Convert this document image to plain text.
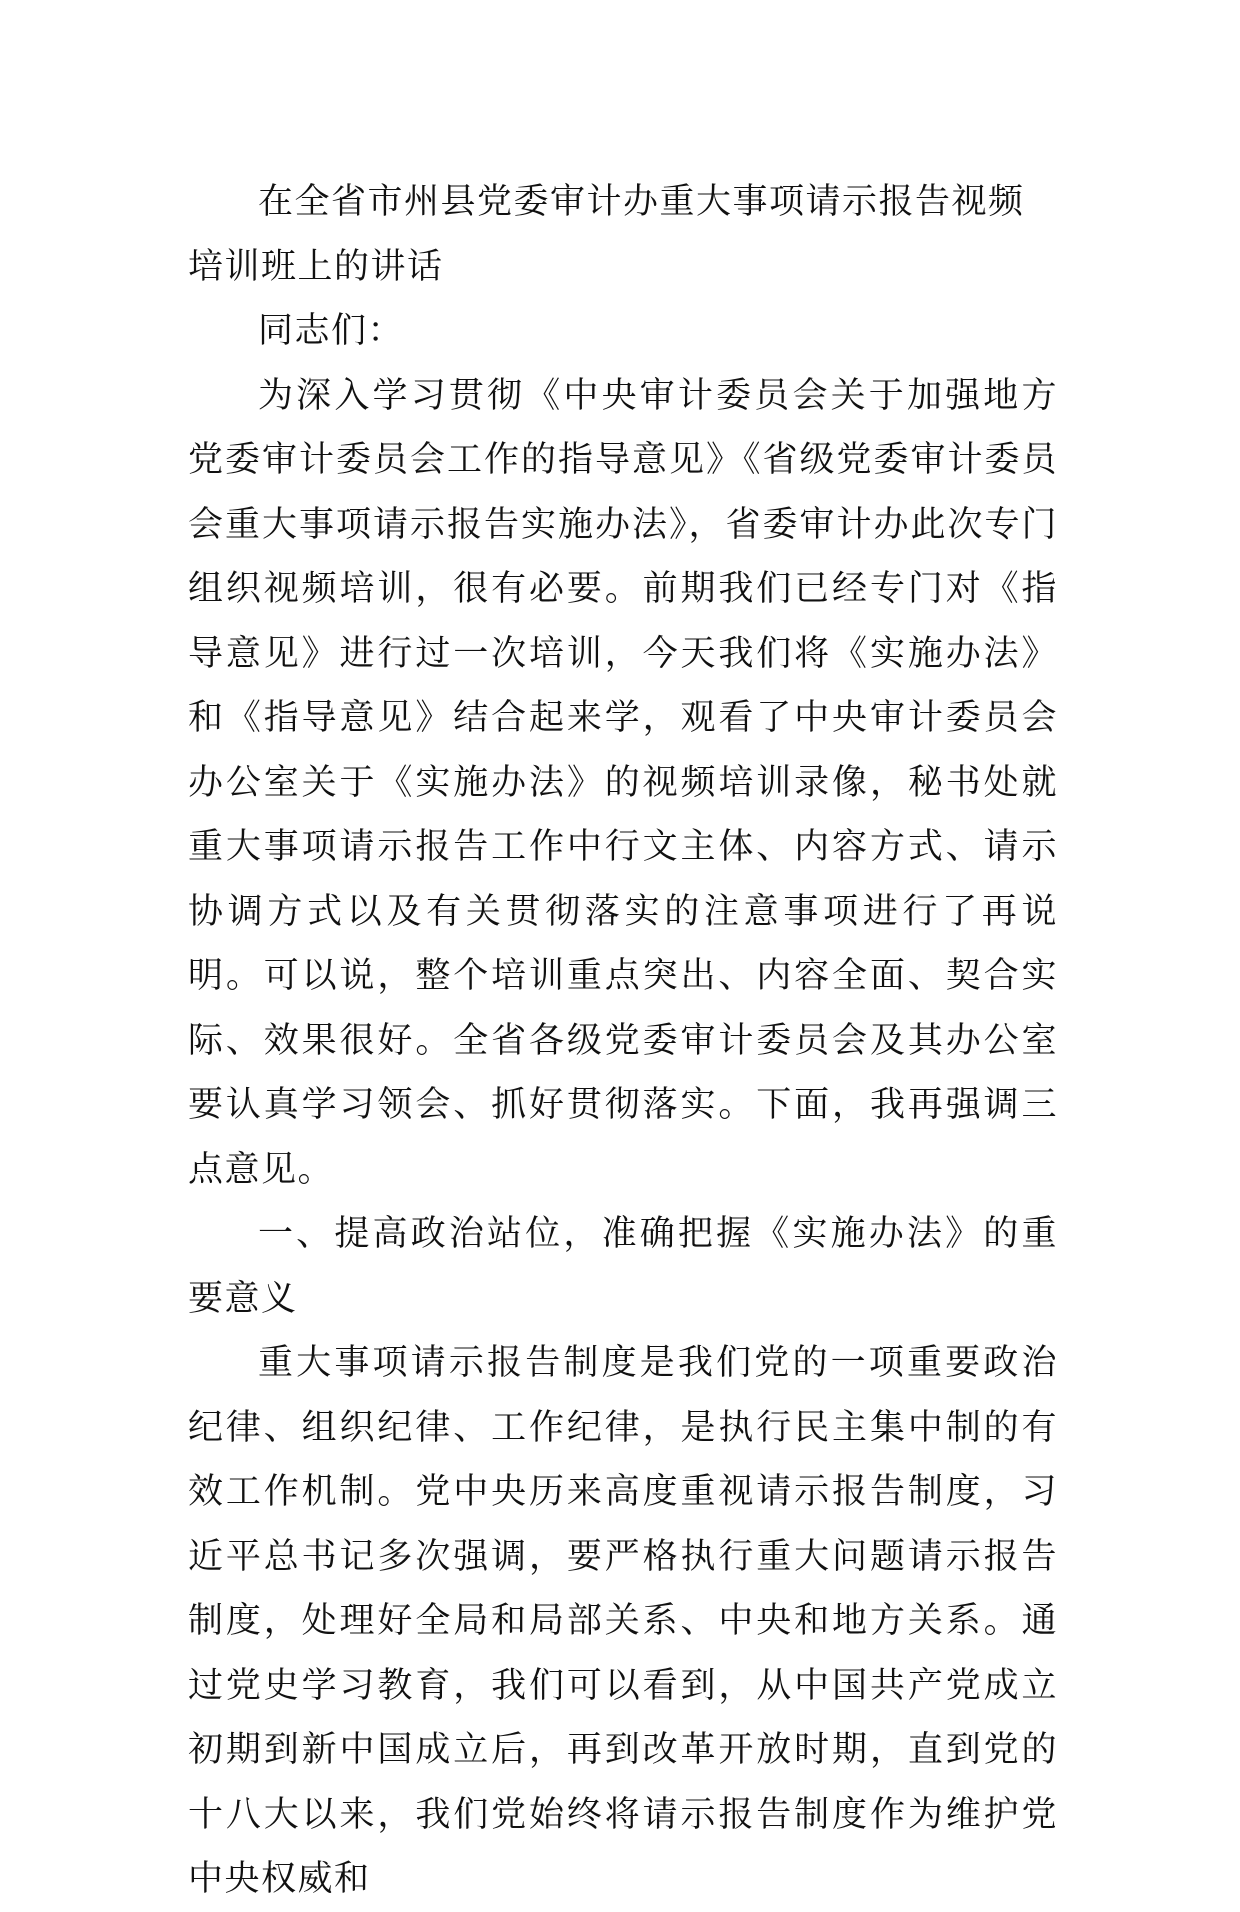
在全省市州县党委审计办重大事项请示报告视频培训班上的讲话

同志们：

为深入学习贯彻《中央审计委员会关于加强地方党委审计委员会工作的指导意见》《省级党委审计委员会重大事项请示报告实施办法》，省委审计办此次专门组织视频培训，很有必要。前期我们已经专门对《指导意见》进行过一次培训，今天我们将《实施办法》和《指导意见》结合起来学，观看了中央审计委员会办公室关于《实施办法》的视频培训录像，秘书处就重大事项请示报告工作中行文主体、内容方式、请示协调方式以及有关贯彻落实的注意事项进行了再说明。可以说，整个培训重点突出、内容全面、契合实际、效果很好。全省各级党委审计委员会及其办公室要认真学习领会、抓好贯彻落实。下面，我再强调三点意见。

一、提高政治站位，准确把握《实施办法》的重要意义

重大事项请示报告制度是我们党的一项重要政治纪律、组织纪律、工作纪律，是执行民主集中制的有效工作机制。党中央历来高度重视请示报告制度，习近平总书记多次强调，要严格执行重大问题请示报告制度，处理好全局和局部关系、中央和地方关系。通过党史学习教育，我们可以看到，从中国共产党成立初期到新中国成立后，再到改革开放时期，直到党的十八大以来，我们党始终将请示报告制度作为维护党中央权威和
